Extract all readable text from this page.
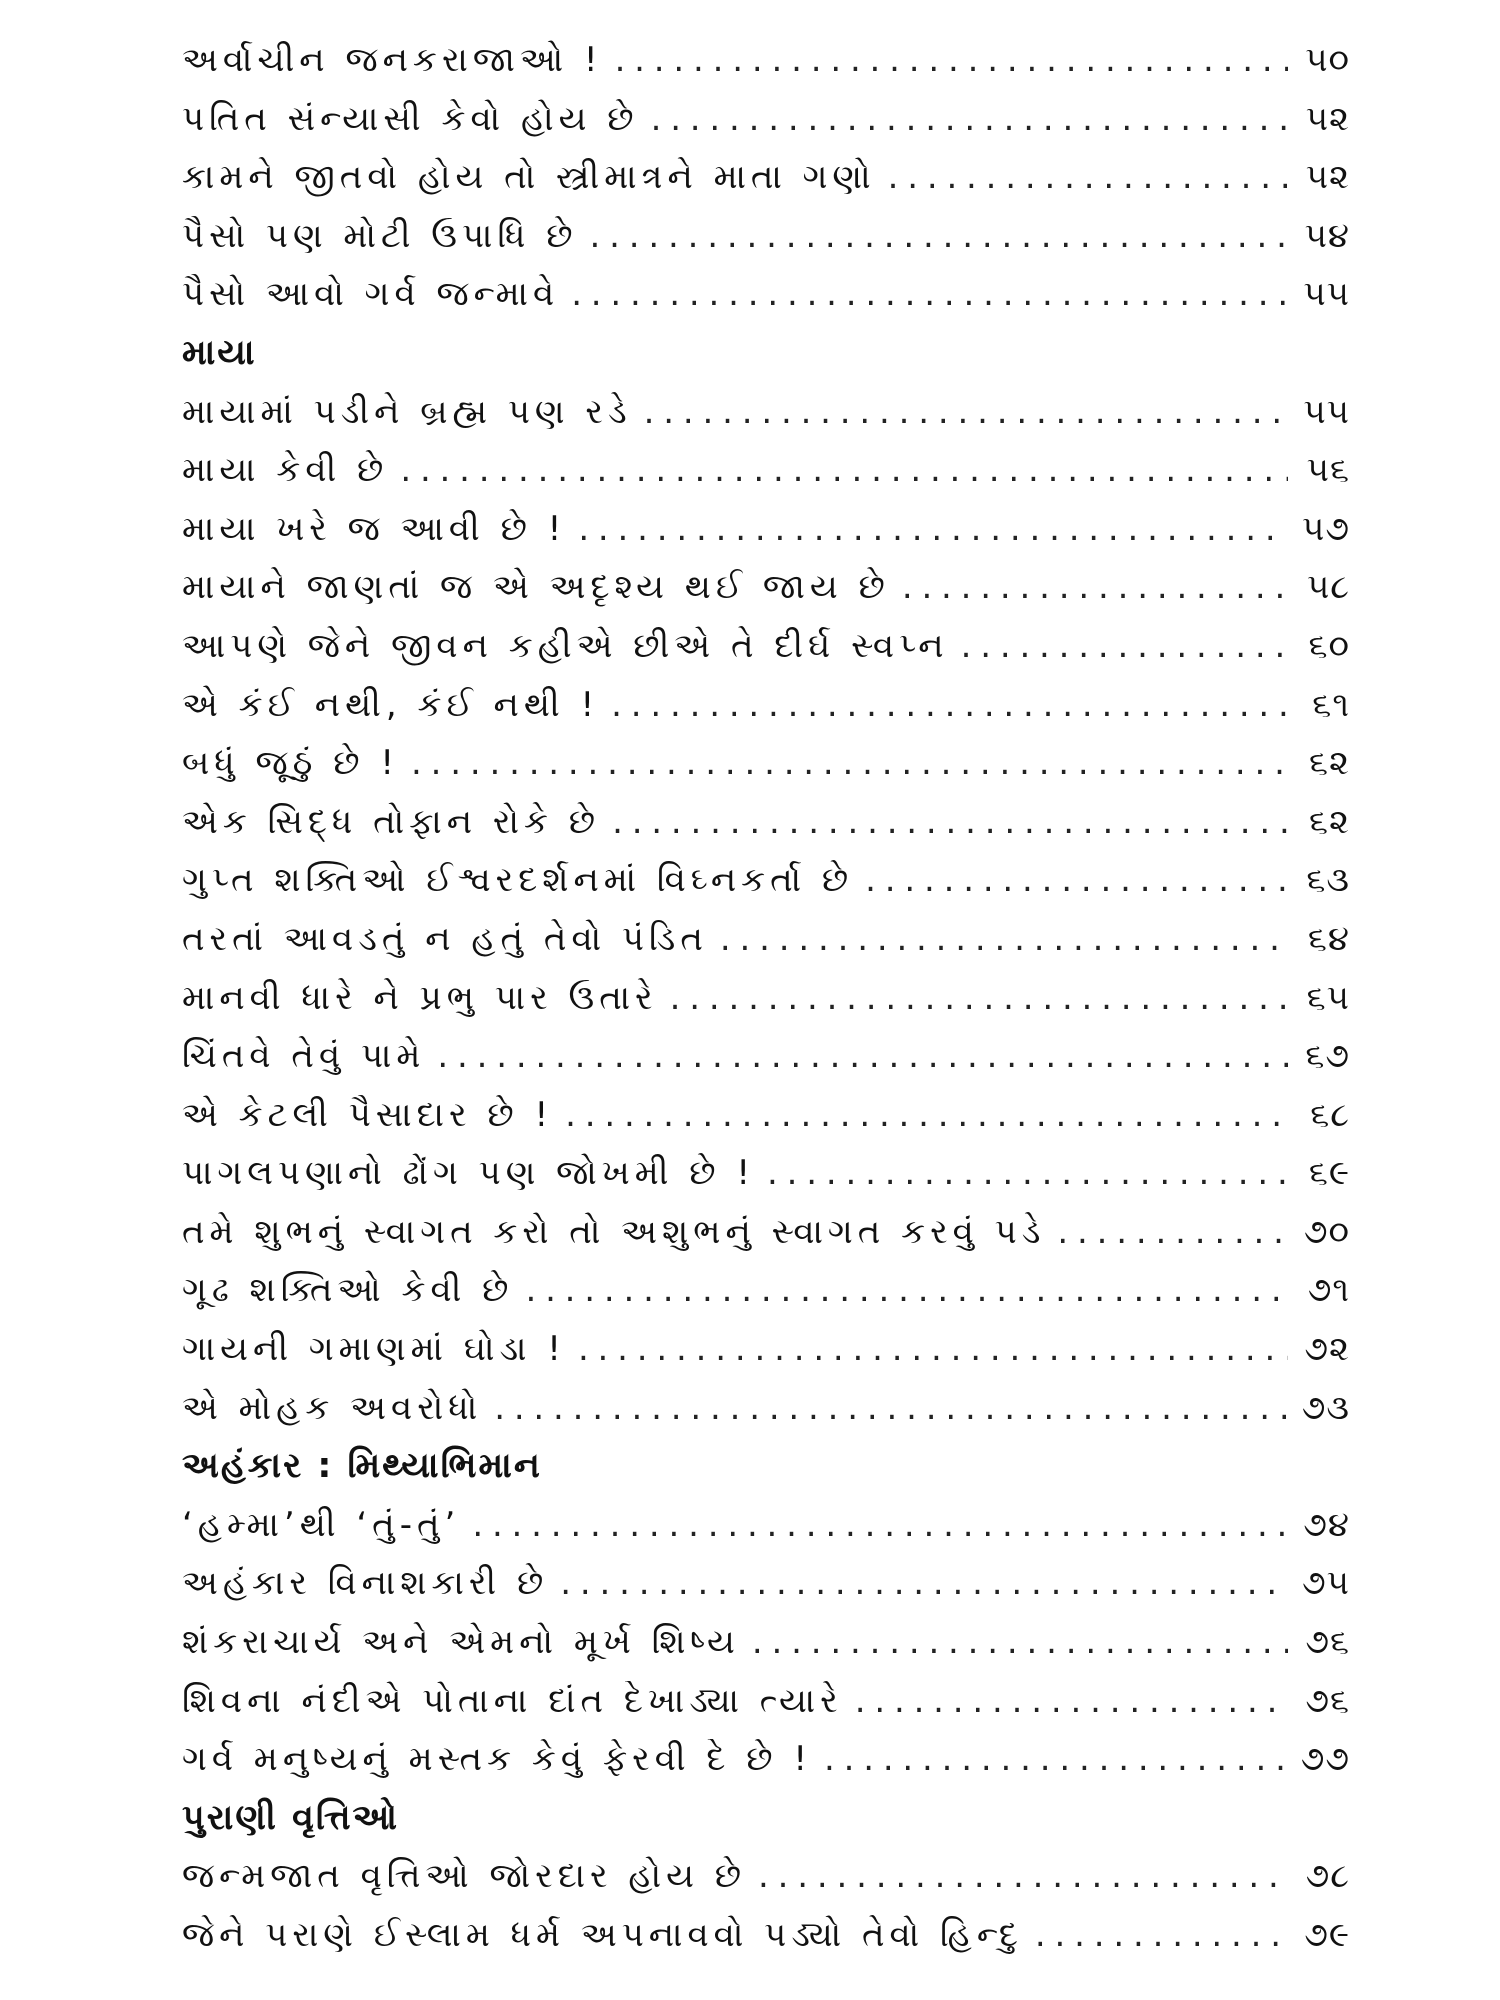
અર્વાચીન જનકરાજાઓ ! . . .	૫૦
પતિત સંન્યાસી કેવો હોય છે . . .	૫૨
કામને જીતવો હોય તો સ્ત્રીમાત્રને માતા ગણો . . .	૫૨
પૈસો પણ મોટી ઉપાધિ છે . . .	૫૪
પૈસો આવો ગર્વ જન્માવે . . .	૫૫
માયા
માયામાં પડીને બ્રહ્મ પણ રડે . . .	૫૫
માયા કેવી છે . . .	૫૬
માયા ખરે જ આવી છે ! . . .	૫૭
માયાને જાણતાં જ એ અદૃશ્ય થઈ જાય છે . . .	૫૮
આપણે જેને જીવન કહીએ છીએ તે દીર્ઘ સ્વપ્ન . . .	૬૦
એ કંઈ નથી, કંઈ નથી ! . . .	૬૧
બધું જૂઠું છે ! . . .	૬૨
એક સિદ્ધ તોફાન રોકે છે . . .	૬૨
ગુપ્ત શક્તિઓ ઈશ્વરદર્શનમાં વિઘ્નકર્તા છે . . .	૬૩
તરતાં આવડતું ન હતું તેવો પંડિત . . .	૬૪
માનવી ધારે ને પ્રભુ પાર ઉતારે . . .	૬૫
ચિંતવે તેવું પામે . . .	૬૭
એ કેટલી પૈસાદાર છે ! . . .	૬૮
પાગલપણાનો ઢોંગ પણ જોખમી છે ! . . .	૬૯
તમે શુભનું સ્વાગત કરો તો અશુભનું સ્વાગત કરવું પડે . . .	૭૦
ગૂઢ શક્તિઓ કેવી છે . . .	૭૧
ગાયની ગમાણમાં ઘોડા ! . . .	૭૨
એ મોહક અવરોધો . . .	૭૩
અહંકાર : મિથ્યાભિમાન
‘હમ્મા’થી ‘તું-તું’ . . .	૭૪
અહંકાર વિનાશકારી છે . . .	૭૫
શંકરાચાર્ય અને એમનો મૂર્ખ શિષ્ય . . .	૭૬
શિવના નંદીએ પોતાના દાંત દેખાડ્યા ત્યારે . . .	૭૬
ગર્વ મનુષ્યનું મસ્તક કેવું ફેરવી દે છે ! . . .	૭૭
પુરાણી વૃત્તિઓ
જન્મજાત વૃત્તિઓ જોરદાર હોય છે . . .	૭૮
જેને પરાણે ઈસ્લામ ધર્મ અપનાવવો પડ્યો તેવો હિન્દુ . . .	૭૯
